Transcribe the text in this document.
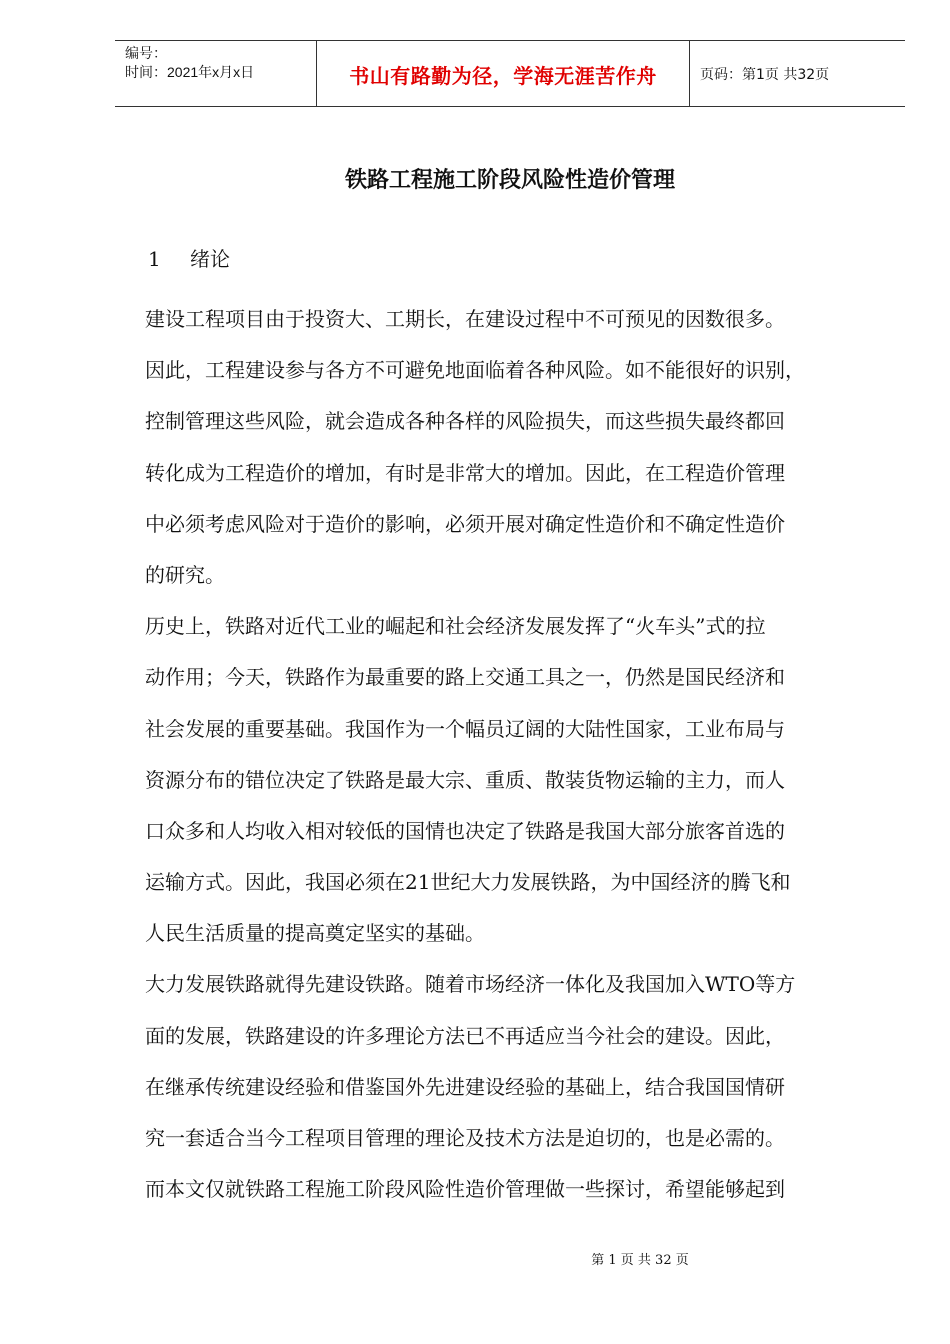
编号：
时间：2021年x月x日	书山有路勤为径，学海无涯苦作舟	页码：第1页 共32页
铁路工程施工阶段风险性造价管理
1 绪论
建设工程项目由于投资大、工期长，在建设过程中不可预见的因数很多。
因此，工程建设参与各方不可避免地面临着各种风险。如不能很好的识别，
控制管理这些风险，就会造成各种各样的风险损失，而这些损失最终都回
转化成为工程造价的增加，有时是非常大的增加。因此，在工程造价管理
中必须考虑风险对于造价的影响，必须开展对确定性造价和不确定性造价
的研究。
历史上，铁路对近代工业的崛起和社会经济发展发挥了“火车头”式的拉
动作用；今天，铁路作为最重要的路上交通工具之一，仍然是国民经济和
社会发展的重要基础。我国作为一个幅员辽阔的大陆性国家，工业布局与
资源分布的错位决定了铁路是最大宗、重质、散装货物运输的主力，而人
口众多和人均收入相对较低的国情也决定了铁路是我国大部分旅客首选的
运输方式。因此，我国必须在21世纪大力发展铁路，为中国经济的腾飞和
人民生活质量的提高奠定坚实的基础。
大力发展铁路就得先建设铁路。随着市场经济一体化及我国加入WTO等方
面的发展，铁路建设的许多理论方法已不再适应当今社会的建设。因此，
在继承传统建设经验和借鉴国外先进建设经验的基础上，结合我国国情研
究一套适合当今工程项目管理的理论及技术方法是迫切的，也是必需的。
而本文仅就铁路工程施工阶段风险性造价管理做一些探讨，希望能够起到
第 1 页 共 32 页
